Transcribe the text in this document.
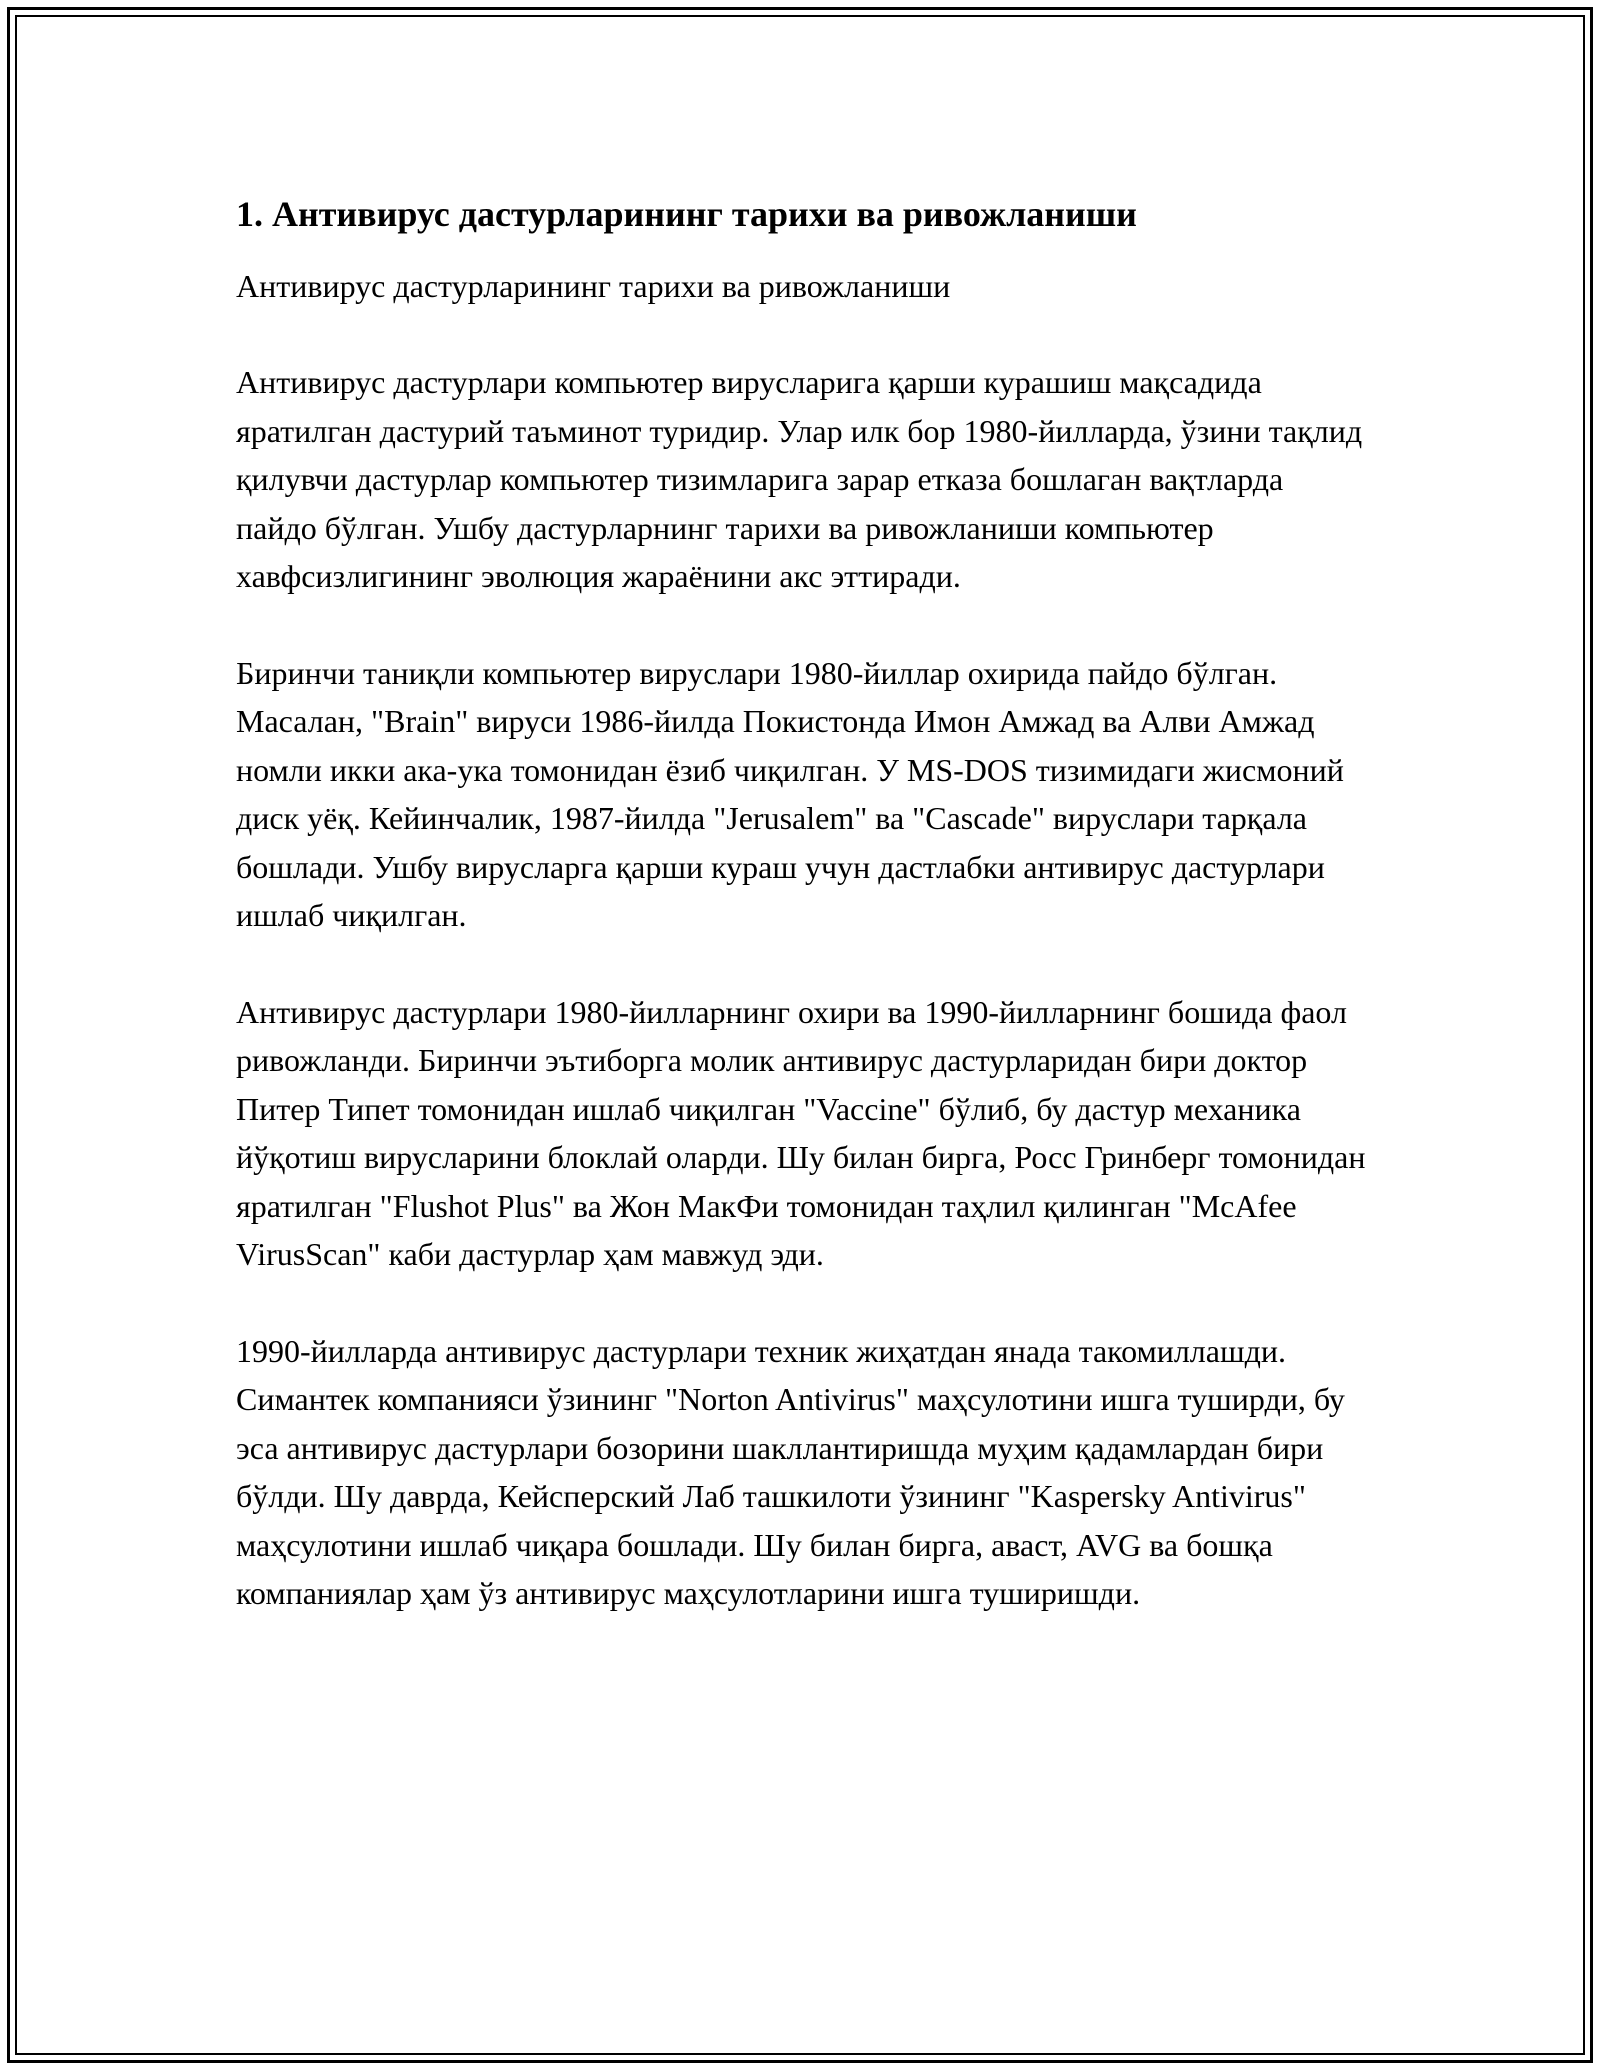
1. Антивирус дастурларининг тарихи ва ривожланиши

Антивирус дастурларининг тарихи ва ривожланиши

Антивирус дастурлари компьютер вирусларига қарши курашиш мақсадида яратилган дастурий таъминот туридир. Улар илк бор 1980-йилларда, ўзини тақлид қилувчи дастурлар компьютер тизимларига зарар етказа бошлаган вақтларда пайдо бўлган. Ушбу дастурларнинг тарихи ва ривожланиши компьютер хавфсизлигининг эволюция жараёнини акс эттиради.

Биринчи таниқли компьютер вируслари 1980-йиллар охирида пайдо бўлган. Масалан, "Brain" вируси 1986-йилда Покистонда Имон Амжад ва Алви Амжад номли икки ака-ука томонидан ёзиб чиқилган. У MS-DOS тизимидаги жисмоний диск уёқ. Кейинчалик, 1987-йилда "Jerusalem" ва "Cascade" вируслари тарқала бошлади. Ушбу вирусларга қарши кураш учун дастлабки антивирус дастурлари ишлаб чиқилган.

Антивирус дастурлари 1980-йилларнинг охири ва 1990-йилларнинг бошида фаол ривожланди. Биринчи эътиборга молик антивирус дастурларидан бири доктор Питер Типет томонидан ишлаб чиқилган "Vaccine" бўлиб, бу дастур механика йўқотиш вирусларини блоклай оларди. Шу билан бирга, Росс Гринберг томонидан яратилган "Flushot Plus" ва Жон МакФи томонидан таҳлил қилинган "McAfee VirusScan" каби дастурлар ҳам мавжуд эди.

1990-йилларда антивирус дастурлари техник жиҳатдан янада такомиллашди. Симантек компанияси ўзининг "Norton Antivirus" маҳсулотини ишга туширди, бу эса антивирус дастурлари бозорини шакллантиришда муҳим қадамлардан бири бўлди. Шу даврда, Кейсперский Лаб ташкилоти ўзининг "Kaspersky Antivirus" маҳсулотини ишлаб чиқара бошлади. Шу билан бирга, аваст, AVG ва бошқа компаниялар ҳам ўз антивирус маҳсулотларини ишга туширишди.
